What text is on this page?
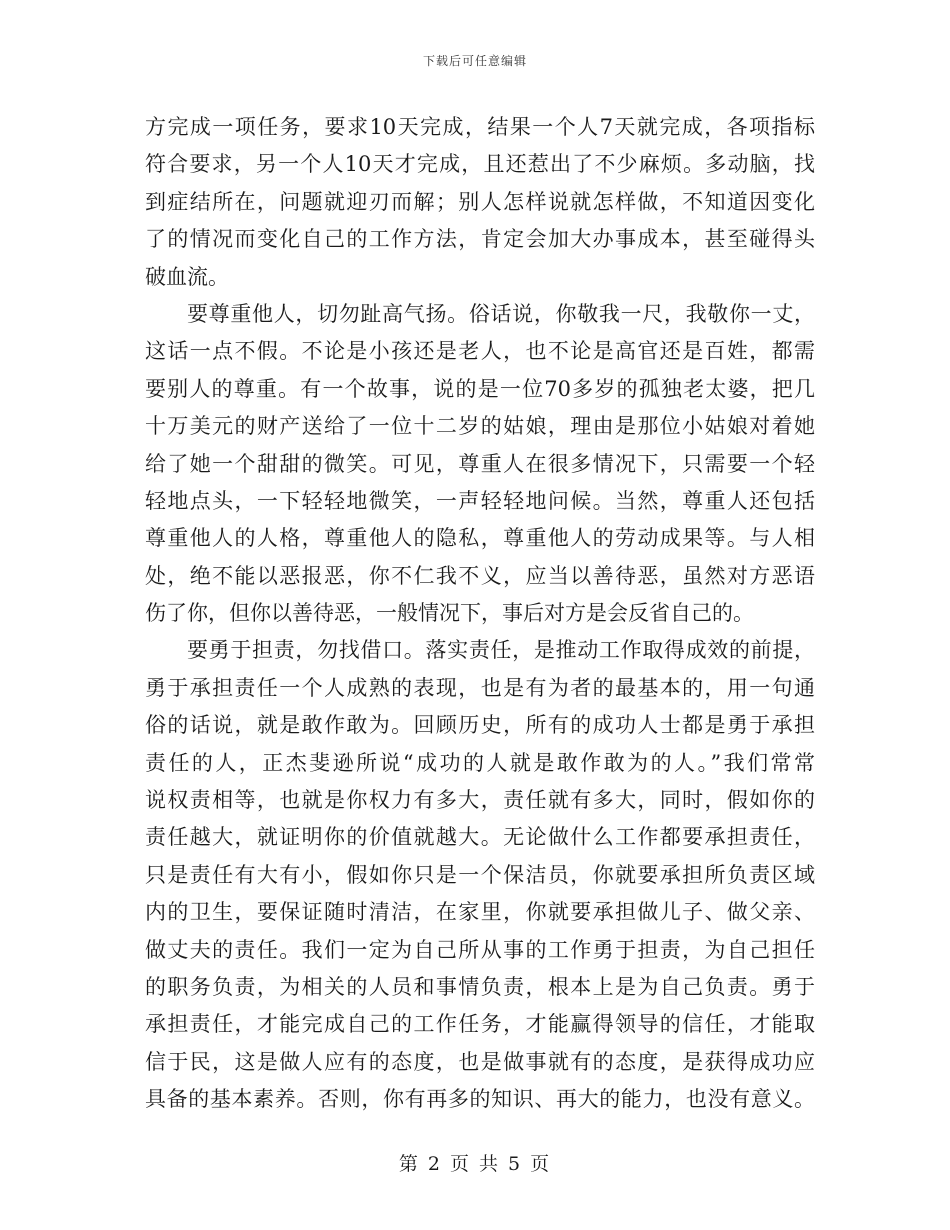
下载后可任意编辑
方完成一项任务，要求10天完成，结果一个人7天就完成，各项指标
符合要求，另一个人10天才完成，且还惹出了不少麻烦。多动脑，找
到症结所在，问题就迎刃而解；别人怎样说就怎样做，不知道因变化
了的情况而变化自己的工作方法，肯定会加大办事成本，甚至碰得头
破血流。
要尊重他人，切勿趾高气扬。俗话说，你敬我一尺，我敬你一丈，
这话一点不假。不论是小孩还是老人，也不论是高官还是百姓，都需
要别人的尊重。有一个故事，说的是一位70多岁的孤独老太婆，把几
十万美元的财产送给了一位十二岁的姑娘，理由是那位小姑娘对着她
给了她一个甜甜的微笑。可见，尊重人在很多情况下，只需要一个轻
轻地点头，一下轻轻地微笑，一声轻轻地问候。当然，尊重人还包括
尊重他人的人格，尊重他人的隐私，尊重他人的劳动成果等。与人相
处，绝不能以恶报恶，你不仁我不义，应当以善待恶，虽然对方恶语
伤了你，但你以善待恶，一般情况下，事后对方是会反省自己的。
要勇于担责，勿找借口。落实责任，是推动工作取得成效的前提，
勇于承担责任一个人成熟的表现，也是有为者的最基本的，用一句通
俗的话说，就是敢作敢为。回顾历史，所有的成功人士都是勇于承担
责任的人，正杰斐逊所说“成功的人就是敢作敢为的人。”我们常常
说权责相等，也就是你权力有多大，责任就有多大，同时，假如你的
责任越大，就证明你的价值就越大。无论做什么工作都要承担责任，
只是责任有大有小，假如你只是一个保洁员，你就要承担所负责区域
内的卫生，要保证随时清洁，在家里，你就要承担做儿子、做父亲、
做丈夫的责任。我们一定为自己所从事的工作勇于担责，为自己担任
的职务负责，为相关的人员和事情负责，根本上是为自己负责。勇于
承担责任，才能完成自己的工作任务，才能赢得领导的信任，才能取
信于民，这是做人应有的态度，也是做事就有的态度，是获得成功应
具备的基本素养。否则，你有再多的知识、再大的能力，也没有意义。
第 2 页 共 5 页
